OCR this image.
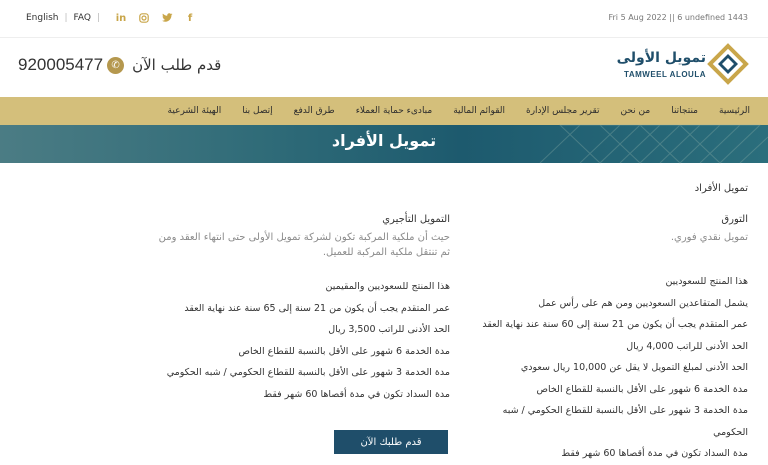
English | FAQ | in	f	Fri 5 Aug 2022 || 6 undefined 1443
920005477 ✆ قدم طلب الآن	تمويل الأولى
TAMWEEL ALOULA
الرئيسية
منتجاتنا
من نحن
تقرير مجلس الإدارة
القوائم المالية
مبادىء حماية العملاء
طرق الدفع
إتصل بنا
الهيئة الشرعية
تمويل الأفراد
تمويل الأفراد
التورق
تمويل نقدي فوري.
هذا المنتج للسعوديين
يشمل المتقاعدين السعوديين ومن هم على رأس عمل
عمر المتقدم يجب أن يكون من 21 سنة إلى 60 سنة عند نهاية العقد
الحد الأدنى للراتب 4,000 ريال
الحد الأدنى لمبلغ التمويل لا يقل عن 10,000 ريال سعودي
مدة الخدمة 6 شهور على الأقل بالنسبة للقطاع الخاص
مدة الخدمة 3 شهور على الأقل بالنسبة للقطاع الحكومي / شبه
الحكومي
مدة السداد تكون في مدة أقصاها 60 شهر فقط
التمويل التأجيري
حيث أن ملكية المركبة تكون لشركة تمويل الأولى حتى انتهاء العقد ومن ثم تنتقل ملكية المركبة للعميل.
هذا المنتج للسعوديين والمقيمين
عمر المتقدم يجب أن يكون من 21 سنة إلى 65 سنة عند نهاية العقد
الحد الأدنى للراتب 3,500 ريال
مدة الخدمة 6 شهور على الأقل بالنسبة للقطاع الخاص
مدة الخدمة 3 شهور على الأقل بالنسبة للقطاع الحكومي / شبه الحكومي
مدة السداد تكون في مدة أقصاها 60 شهر فقط
قدم طلبك الآن
